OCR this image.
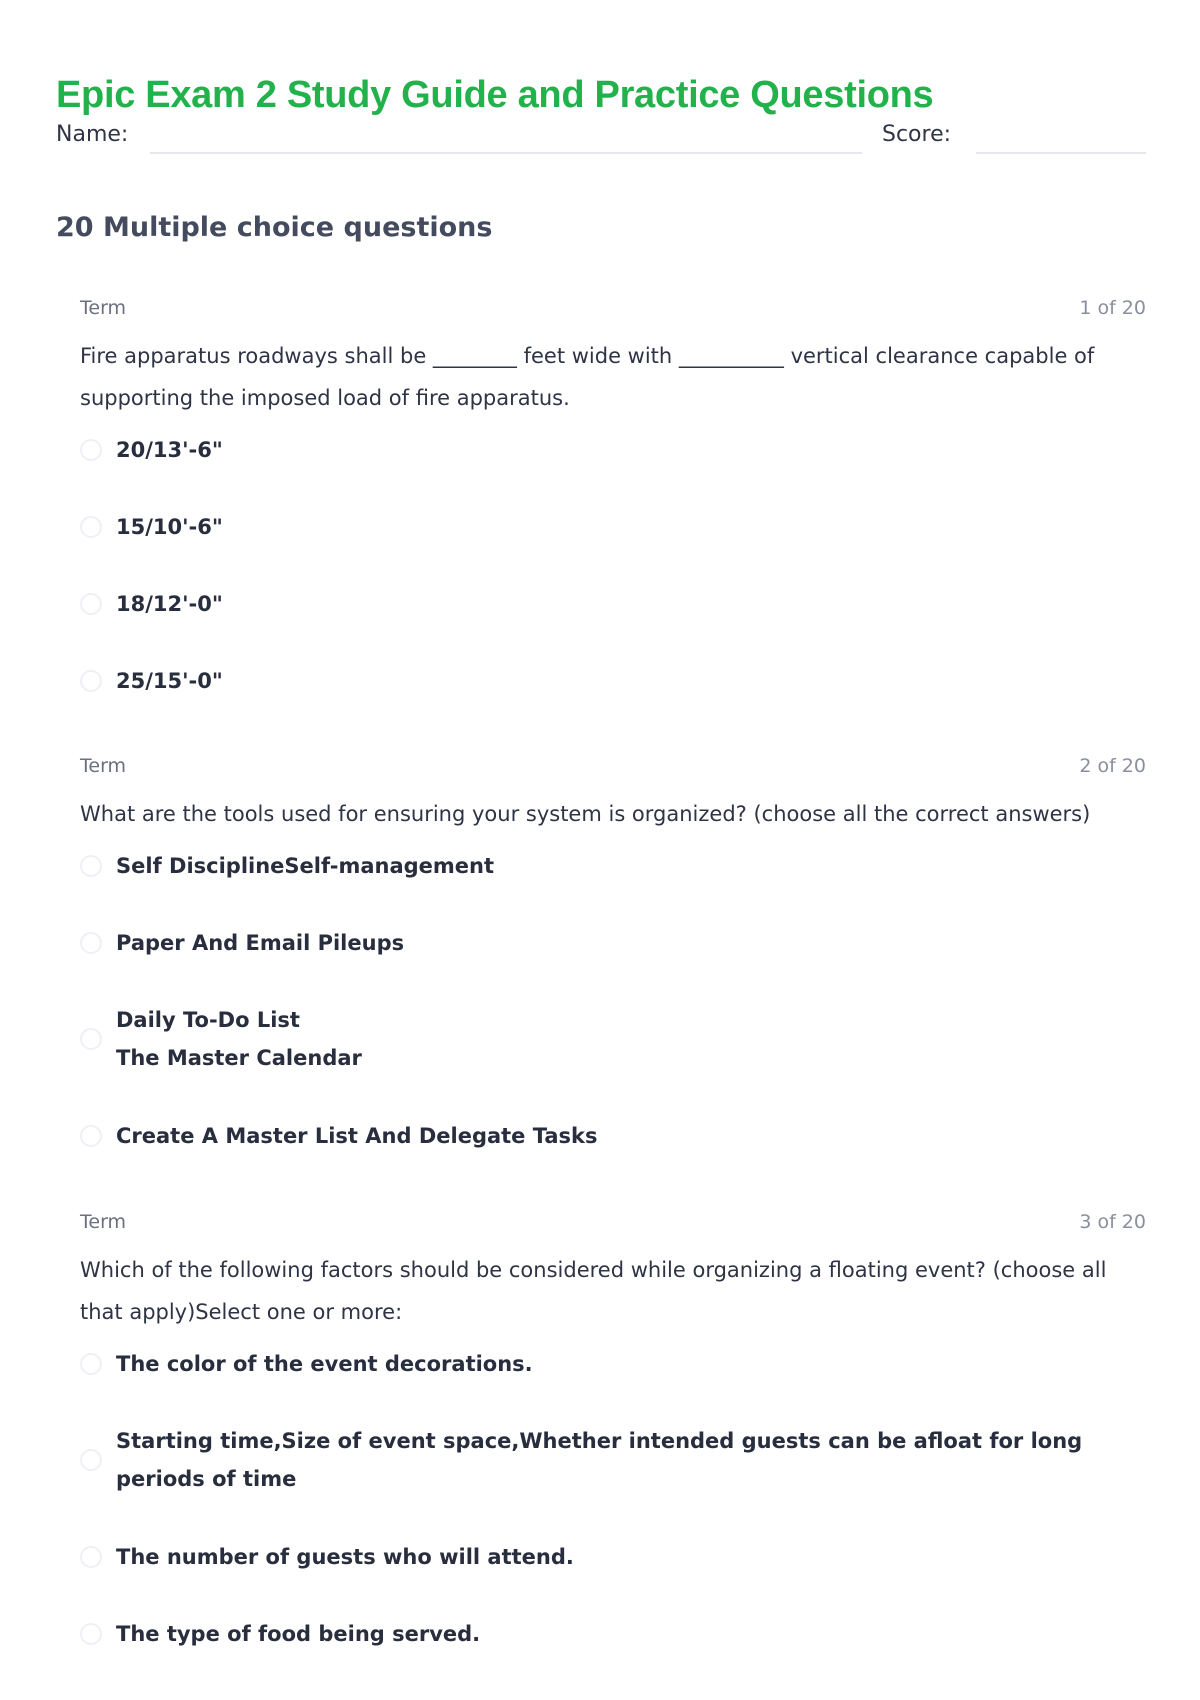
Epic Exam 2 Study Guide and Practice Questions
Name:	Score:
20 Multiple choice questions
Term	1 of 20

Fire apparatus roadways shall be ________ feet wide with __________ vertical clearance capable of supporting the imposed load of fire apparatus.

20/13'-6"
15/10'-6"
18/12'-0"
25/15'-0"
Term	2 of 20

What are the tools used for ensuring your system is organized? (choose all the correct answers)

Self DisciplineSelf-management
Paper And Email Pileups
Daily To-Do List
The Master Calendar
Create A Master List And Delegate Tasks
Term	3 of 20

Which of the following factors should be considered while organizing a floating event? (choose all that apply)Select one or more:

The color of the event decorations.
Starting time,Size of event space,Whether intended guests can be afloat for long periods of time
The number of guests who will attend.
The type of food being served.
